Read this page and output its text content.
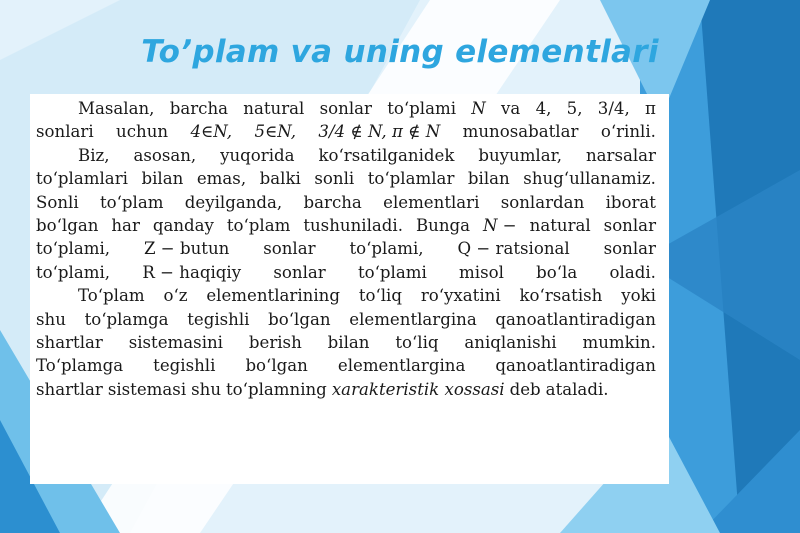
To’plam va uning elementlari
Masalan, barcha natural sonlar to‘plami N va 4, 5, 3/4, π
sonlari uchun 4∈N, 5∈N, 3/4 ∉ N, π ∉ N munosabatlar o‘rinli.
Biz, asosan, yuqorida ko‘rsatilganidek buyumlar, narsalar
to‘plamlari bilan emas, balki sonli to‘plamlar bilan shug‘ullanamiz.
Sonli to‘plam deyilganda, barcha elementlari sonlardan iborat
bo‘lgan har qanday to‘plam tushuniladi. Bunga N − natural sonlar
to‘plami, Z − butun sonlar to‘plami, Q − ratsional sonlar
to‘plami, R − haqiqiy sonlar to‘plami misol bo‘la oladi.
To‘plam o‘z elementlarining to‘liq ro‘yxatini ko‘rsatish yoki
shu to‘plamga tegishli bo‘lgan elementlargina qanoatlantiradigan
shartlar sistemasini berish bilan to‘liq aniqlanishi mumkin.
To‘plamga tegishli bo‘lgan elementlargina qanoatlantiradigan
shartlar sistemasi shu to‘plamning xarakteristik xossasi deb ataladi.
